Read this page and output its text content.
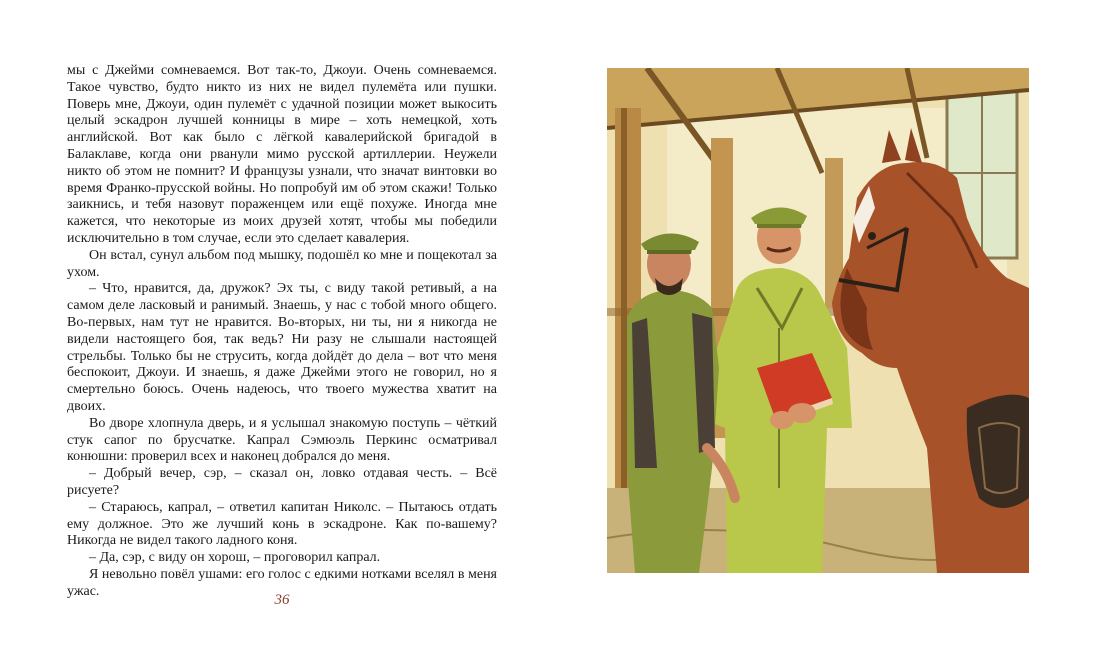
мы с Джейми сомневаемся. Вот так-то, Джоуи. Очень сомневаемся. Такое чувство, будто никто из них не видел пулемёта или пушки. Поверь мне, Джоуи, один пулемёт с удачной позиции может выкосить целый эскадрон лучшей конницы в мире – хоть немецкой, хоть английской. Вот как было с лёгкой кавалерийской бригадой в Балаклаве, когда они рванули мимо русской артиллерии. Неужели никто об этом не помнит? И французы узнали, что значат винтовки во время Франко-прусской войны. Но попробуй им об этом скажи! Только заикнись, и тебя назовут пораженцем или ещё похуже. Иногда мне кажется, что некоторые из моих друзей хотят, чтобы мы победили исключительно в том случае, если это сделает кавалерия.

Он встал, сунул альбом под мышку, подошёл ко мне и пощекотал за ухом.

– Что, нравится, да, дружок? Эх ты, с виду такой ретивый, а на самом деле ласковый и ранимый. Знаешь, у нас с тобой много общего. Во-первых, нам тут не нравится. Во-вторых, ни ты, ни я никогда не видели настоящего боя, так ведь? Ни разу не слышали настоящей стрельбы. Только бы не струсить, когда дойдёт до дела – вот что меня беспокоит, Джоуи. И знаешь, я даже Джейми этого не говорил, но я смертельно боюсь. Очень надеюсь, что твоего мужества хватит на двоих.

Во дворе хлопнула дверь, и я услышал знакомую поступь – чёткий стук сапог по брусчатке. Капрал Сэмюэль Перкинс осматривал конюшни: проверил всех и наконец добрался до меня.

– Добрый вечер, сэр, – сказал он, ловко отдавая честь. – Всё рисуете?

– Стараюсь, капрал, – ответил капитан Николс. – Пытаюсь отдать ему должное. Это же лучший конь в эскадроне. Как по-вашему? Никогда не видел такого ладного коня.

– Да, сэр, с виду он хорош, – проговорил капрал.

Я невольно повёл ушами: его голос с едкими нотками вселял в меня ужас.

36
